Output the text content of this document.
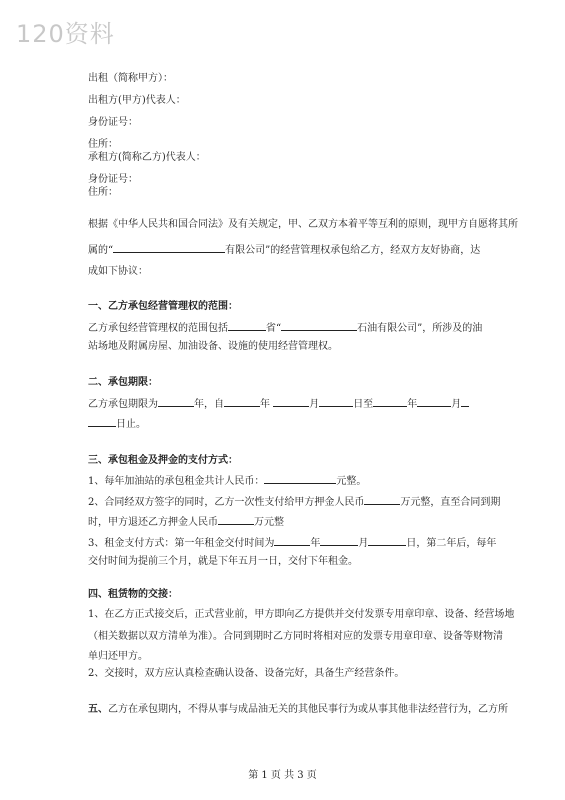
120资料
出租（简称甲方）：
出租方(甲方)代表人：
身份证号：
住所：
承租方(简称乙方)代表人：
身份证号：
住所：
根据《中华人民共和国合同法》及有关规定，甲、乙双方本着平等互利的原则，现甲方自愿将其所
属的“	有限公司”的经营管理权承包给乙方，经双方友好协商，达
成如下协议：
一、乙方承包经营管理权的范围：
乙方承包经营管理权的范围包括	省“	石油有限公司”，所涉及的油
站场地及附属房屋、加油设备、设施的使用经营管理权。
二、承包期限：
乙方承包期限为	年，自	年	月	日至	年	月
日止。
三、承包租金及押金的支付方式：
1、每年加油站的承包租金共计人民币：	元整。
2、合同经双方签字的同时，乙方一次性支付给甲方押金人民币	万元整，直至合同到期
时，甲方退还乙方押金人民币	万元整
3、租金支付方式：第一年租金交付时间为	年	月	日，第二年后，每年
交付时间为提前三个月，就是下年五月一日，交付下年租金。
四、租赁物的交接：
1、在乙方正式接交后，正式营业前，甲方即向乙方提供并交付发票专用章印章、设备、经营场地
（相关数据以双方清单为准）。合同到期时乙方同时将相对应的发票专用章印章、设备等财物清
单归还甲方。
2、交接时，双方应认真检查确认设备、设备完好，具备生产经营条件。
五、乙方在承包期内，不得从事与成品油无关的其他民事行为或从事其他非法经营行为，乙方所
第 1 页 共 3 页
